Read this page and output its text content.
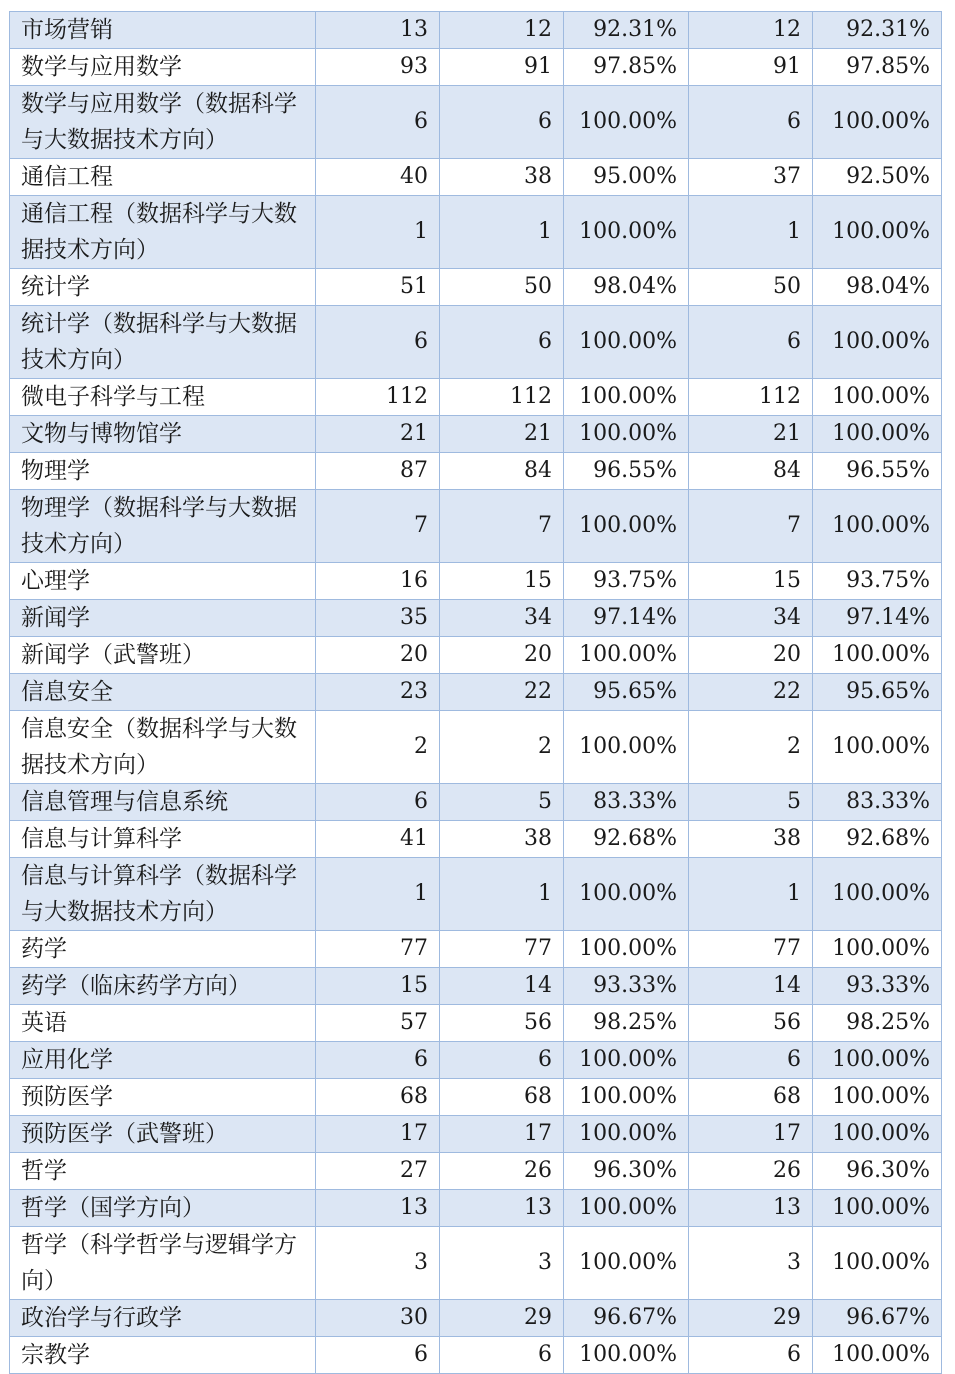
市场营销	13	12	92.31%	12	92.31%
数学与应用数学	93	91	97.85%	91	97.85%
数学与应用数学（数据科学与大数据技术方向）	6	6	100.00%	6	100.00%
通信工程	40	38	95.00%	37	92.50%
通信工程（数据科学与大数据技术方向）	1	1	100.00%	1	100.00%
统计学	51	50	98.04%	50	98.04%
统计学（数据科学与大数据技术方向）	6	6	100.00%	6	100.00%
微电子科学与工程	112	112	100.00%	112	100.00%
文物与博物馆学	21	21	100.00%	21	100.00%
物理学	87	84	96.55%	84	96.55%
物理学（数据科学与大数据技术方向）	7	7	100.00%	7	100.00%
心理学	16	15	93.75%	15	93.75%
新闻学	35	34	97.14%	34	97.14%
新闻学（武警班）	20	20	100.00%	20	100.00%
信息安全	23	22	95.65%	22	95.65%
信息安全（数据科学与大数据技术方向）	2	2	100.00%	2	100.00%
信息管理与信息系统	6	5	83.33%	5	83.33%
信息与计算科学	41	38	92.68%	38	92.68%
信息与计算科学（数据科学与大数据技术方向）	1	1	100.00%	1	100.00%
药学	77	77	100.00%	77	100.00%
药学（临床药学方向）	15	14	93.33%	14	93.33%
英语	57	56	98.25%	56	98.25%
应用化学	6	6	100.00%	6	100.00%
预防医学	68	68	100.00%	68	100.00%
预防医学（武警班）	17	17	100.00%	17	100.00%
哲学	27	26	96.30%	26	96.30%
哲学（国学方向）	13	13	100.00%	13	100.00%
哲学（科学哲学与逻辑学方向）	3	3	100.00%	3	100.00%
政治学与行政学	30	29	96.67%	29	96.67%
宗教学	6	6	100.00%	6	100.00%
